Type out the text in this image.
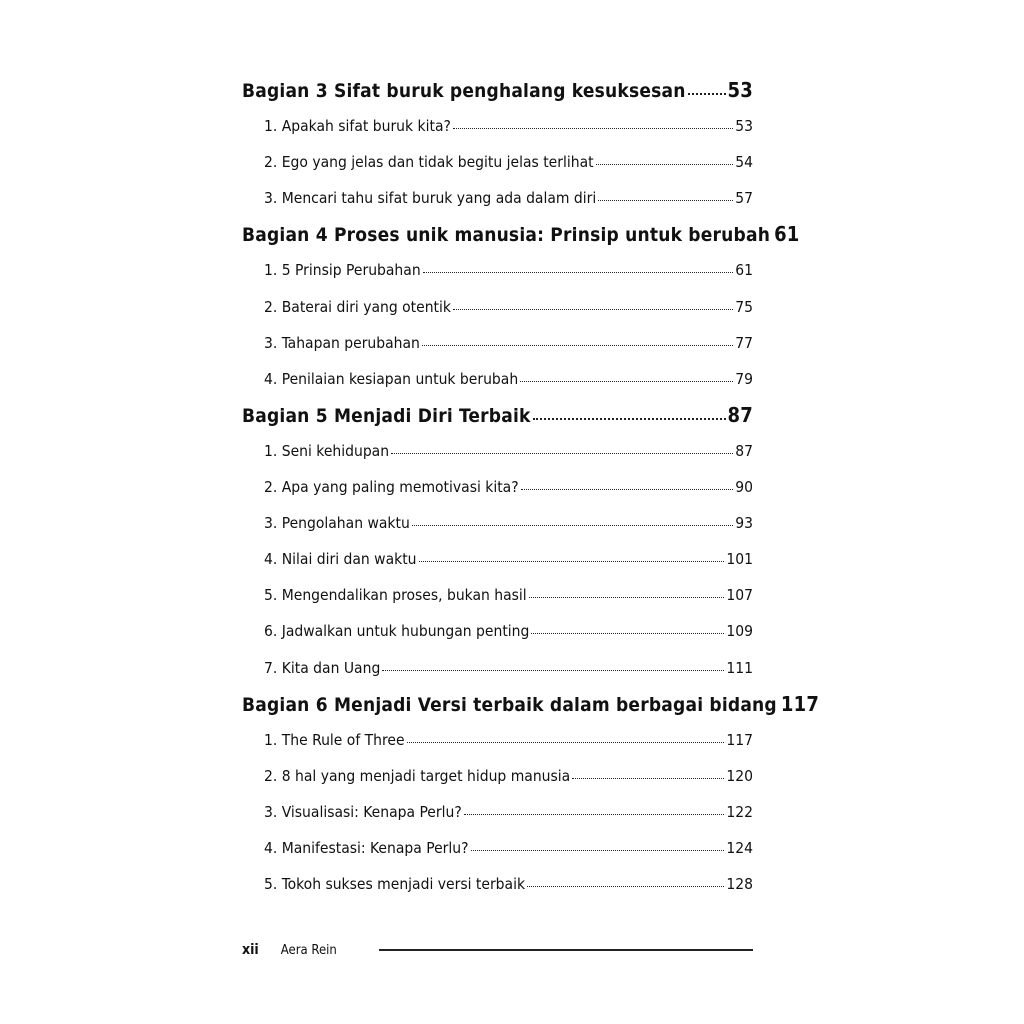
Bagian 3 Sifat buruk penghalang kesuksesan 53
1. Apakah sifat buruk kita?	53
2. Ego yang jelas dan tidak begitu jelas terlihat	54
3. Mencari tahu sifat buruk yang ada dalam diri	57
Bagian 4 Proses unik manusia: Prinsip untuk berubah 61
1. 5 Prinsip Perubahan	61
2. Baterai diri yang otentik	75
3. Tahapan perubahan	77
4. Penilaian kesiapan untuk berubah	79
Bagian 5 Menjadi Diri Terbaik	87
1. Seni kehidupan	87
2. Apa yang paling memotivasi kita?	90
3. Pengolahan waktu	93
4. Nilai diri dan waktu	101
5. Mengendalikan proses, bukan hasil	107
6. Jadwalkan untuk hubungan penting	109
7. Kita dan Uang	111
Bagian 6 Menjadi Versi terbaik dalam berbagai bidang 117
1. The Rule of Three	117
2. 8 hal yang menjadi target hidup manusia	120
3. Visualisasi: Kenapa Perlu?	122
4. Manifestasi: Kenapa Perlu?	124
5. Tokoh sukses menjadi versi terbaik	128
xii Aera Rein
